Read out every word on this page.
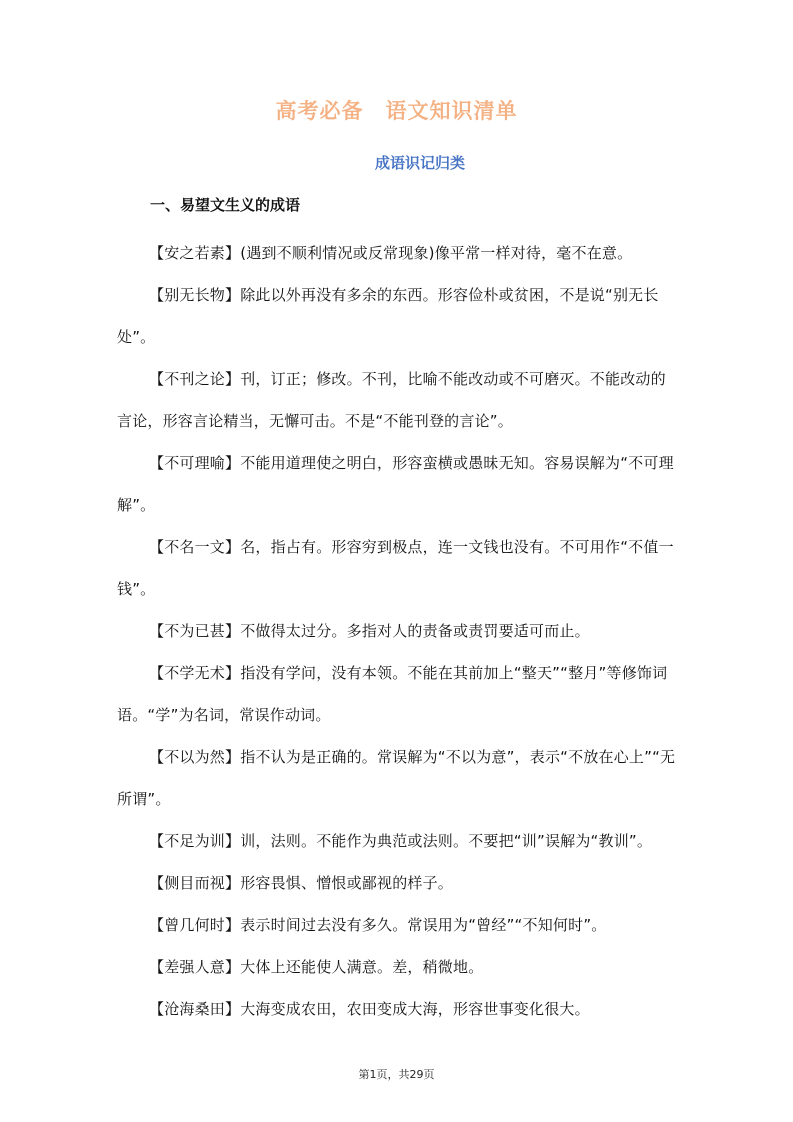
高考必备 语文知识清单
成语识记归类
一、易望文生义的成语

【安之若素】(遇到不顺利情况或反常现象)像平常一样对待，毫不在意。

【别无长物】除此以外再没有多余的东西。形容俭朴或贫困，不是说“别无长处”。

【不刊之论】刊，订正；修改。不刊，比喻不能改动或不可磨灭。不能改动的言论，形容言论精当，无懈可击。不是“不能刊登的言论”。

【不可理喻】不能用道理使之明白，形容蛮横或愚昧无知。容易误解为“不可理解”。

【不名一文】名，指占有。形容穷到极点，连一文钱也没有。不可用作“不值一钱”。

【不为已甚】不做得太过分。多指对人的责备或责罚要适可而止。

【不学无术】指没有学问，没有本领。不能在其前加上“整天”“整月”等修饰词语。“学”为名词，常误作动词。

【不以为然】指不认为是正确的。常误解为“不以为意”，表示“不放在心上”“无所谓”。

【不足为训】训，法则。不能作为典范或法则。不要把“训”误解为“教训”。

【侧目而视】形容畏惧、憎恨或鄙视的样子。

【曾几何时】表示时间过去没有多久。常误用为“曾经”“不知何时”。

【差强人意】大体上还能使人满意。差，稍微地。

【沧海桑田】大海变成农田，农田变成大海，形容世事变化很大。

第1页，共29页
